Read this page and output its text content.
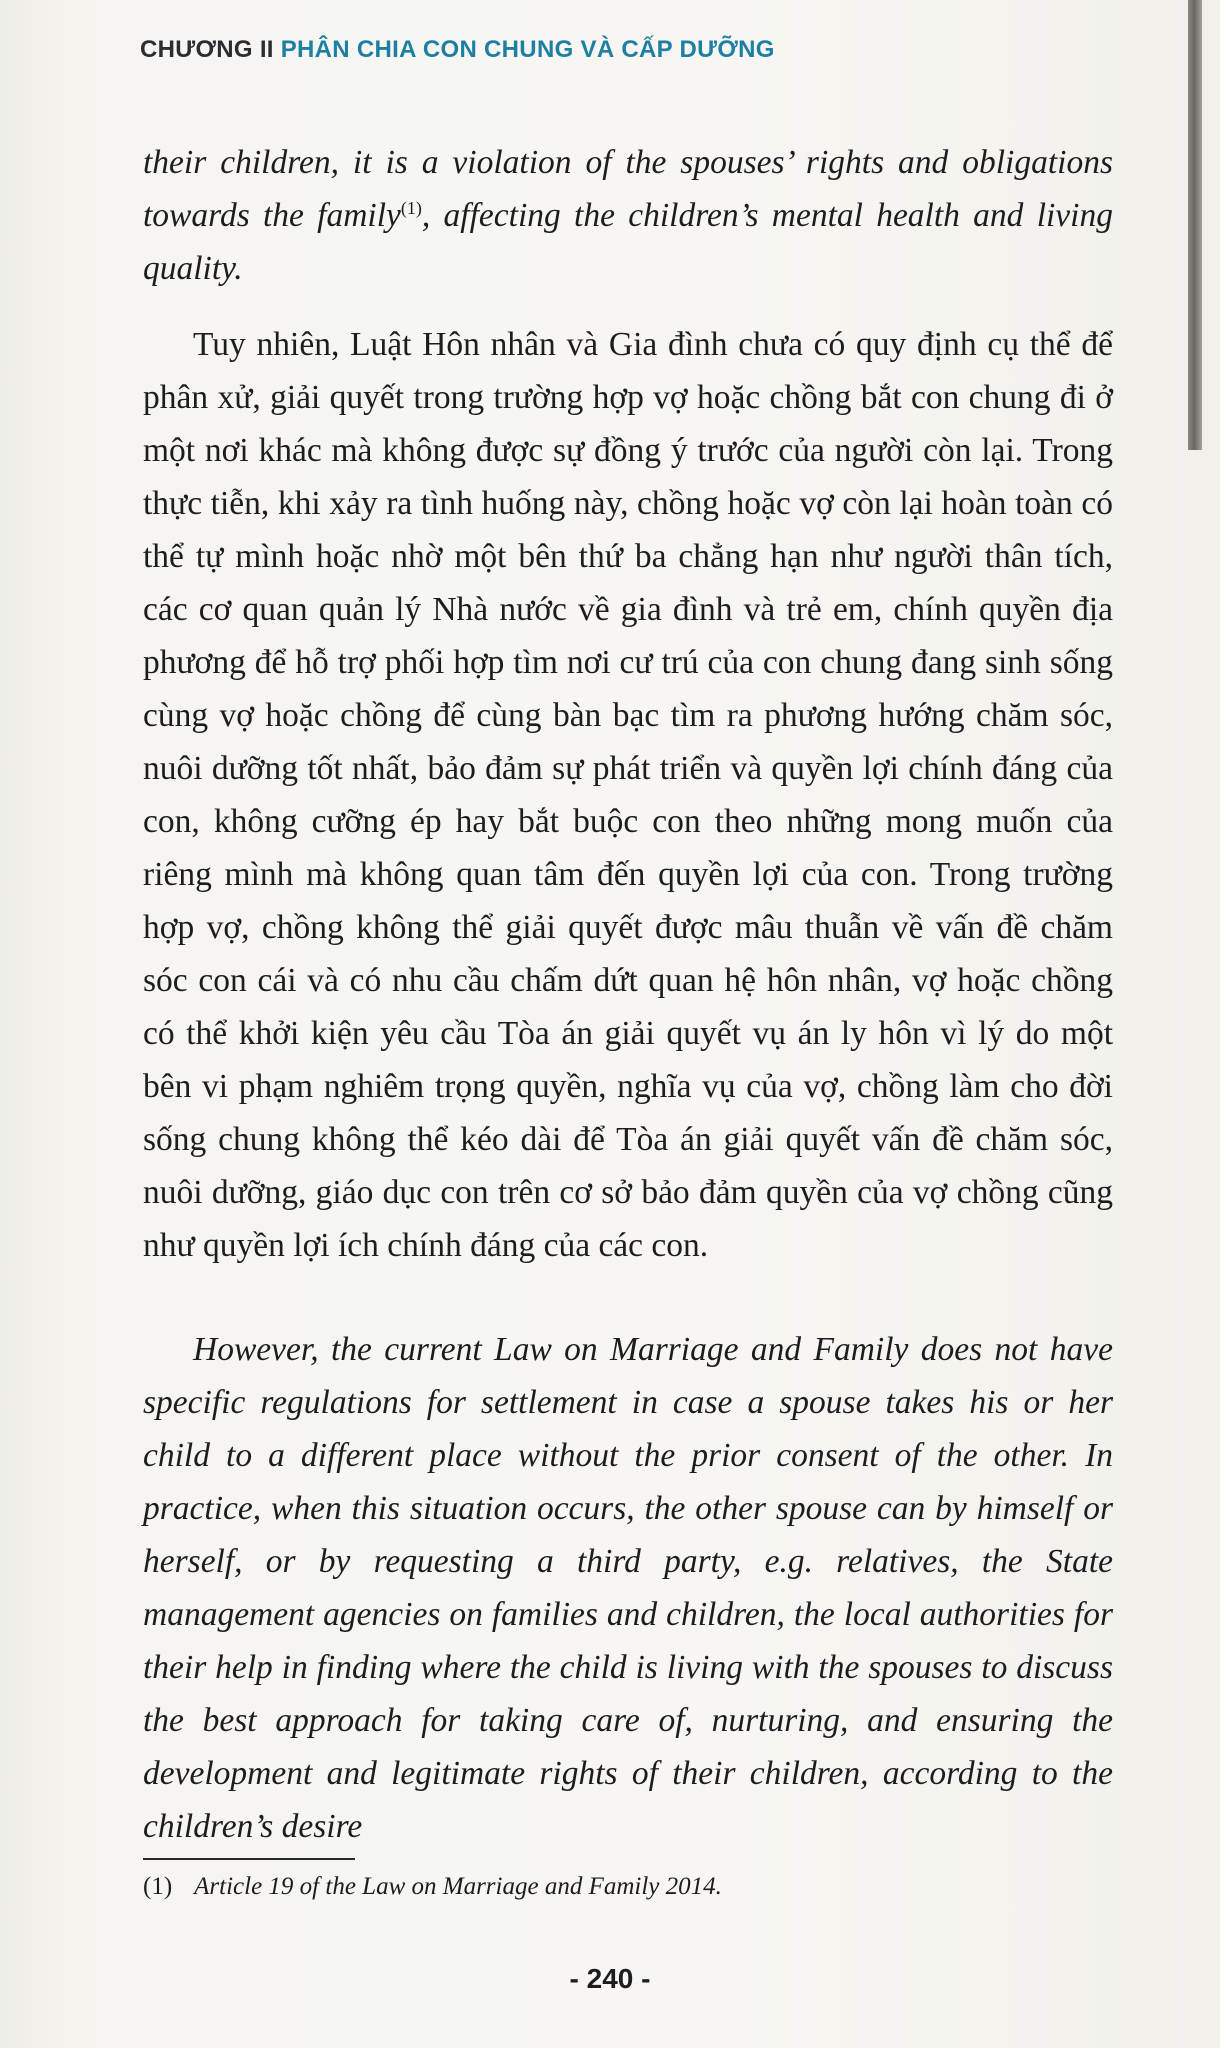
CHƯƠNG II PHÂN CHIA CON CHUNG VÀ CẤP DƯỠNG

their children, it is a violation of the spouses’ rights and obligations towards the family$^{(1)}$, affecting the children’s mental health and living quality.

Tuy nhiên, Luật Hôn nhân và Gia đình chưa có quy định cụ thể để phân xử, giải quyết trong trường hợp vợ hoặc chồng bắt con chung đi ở một nơi khác mà không được sự đồng ý trước của người còn lại. Trong thực tiễn, khi xảy ra tình huống này, chồng hoặc vợ còn lại hoàn toàn có thể tự mình hoặc nhờ một bên thứ ba chẳng hạn như người thân tích, các cơ quan quản lý Nhà nước về gia đình và trẻ em, chính quyền địa phương để hỗ trợ phối hợp tìm nơi cư trú của con chung đang sinh sống cùng vợ hoặc chồng để cùng bàn bạc tìm ra phương hướng chăm sóc, nuôi dưỡng tốt nhất, bảo đảm sự phát triển và quyền lợi chính đáng của con, không cưỡng ép hay bắt buộc con theo những mong muốn của riêng mình mà không quan tâm đến quyền lợi của con. Trong trường hợp vợ, chồng không thể giải quyết được mâu thuẫn về vấn đề chăm sóc con cái và có nhu cầu chấm dứt quan hệ hôn nhân, vợ hoặc chồng có thể khởi kiện yêu cầu Tòa án giải quyết vụ án ly hôn vì lý do một bên vi phạm nghiêm trọng quyền, nghĩa vụ của vợ, chồng làm cho đời sống chung không thể kéo dài để Tòa án giải quyết vấn đề chăm sóc, nuôi dưỡng, giáo dục con trên cơ sở bảo đảm quyền của vợ chồng cũng như quyền lợi ích chính đáng của các con.

However, the current Law on Marriage and Family does not have specific regulations for settlement in case a spouse takes his or her child to a different place without the prior consent of the other. In practice, when this situation occurs, the other spouse can by himself or herself, or by requesting a third party, e.g. relatives, the State management agencies on families and children, the local authorities for their help in finding where the child is living with the spouses to discuss the best approach for taking care of, nurturing, and ensuring the development and legitimate rights of their children, according to the children’s desire

(1) Article 19 of the Law on Marriage and Family 2014.
- 240 -
